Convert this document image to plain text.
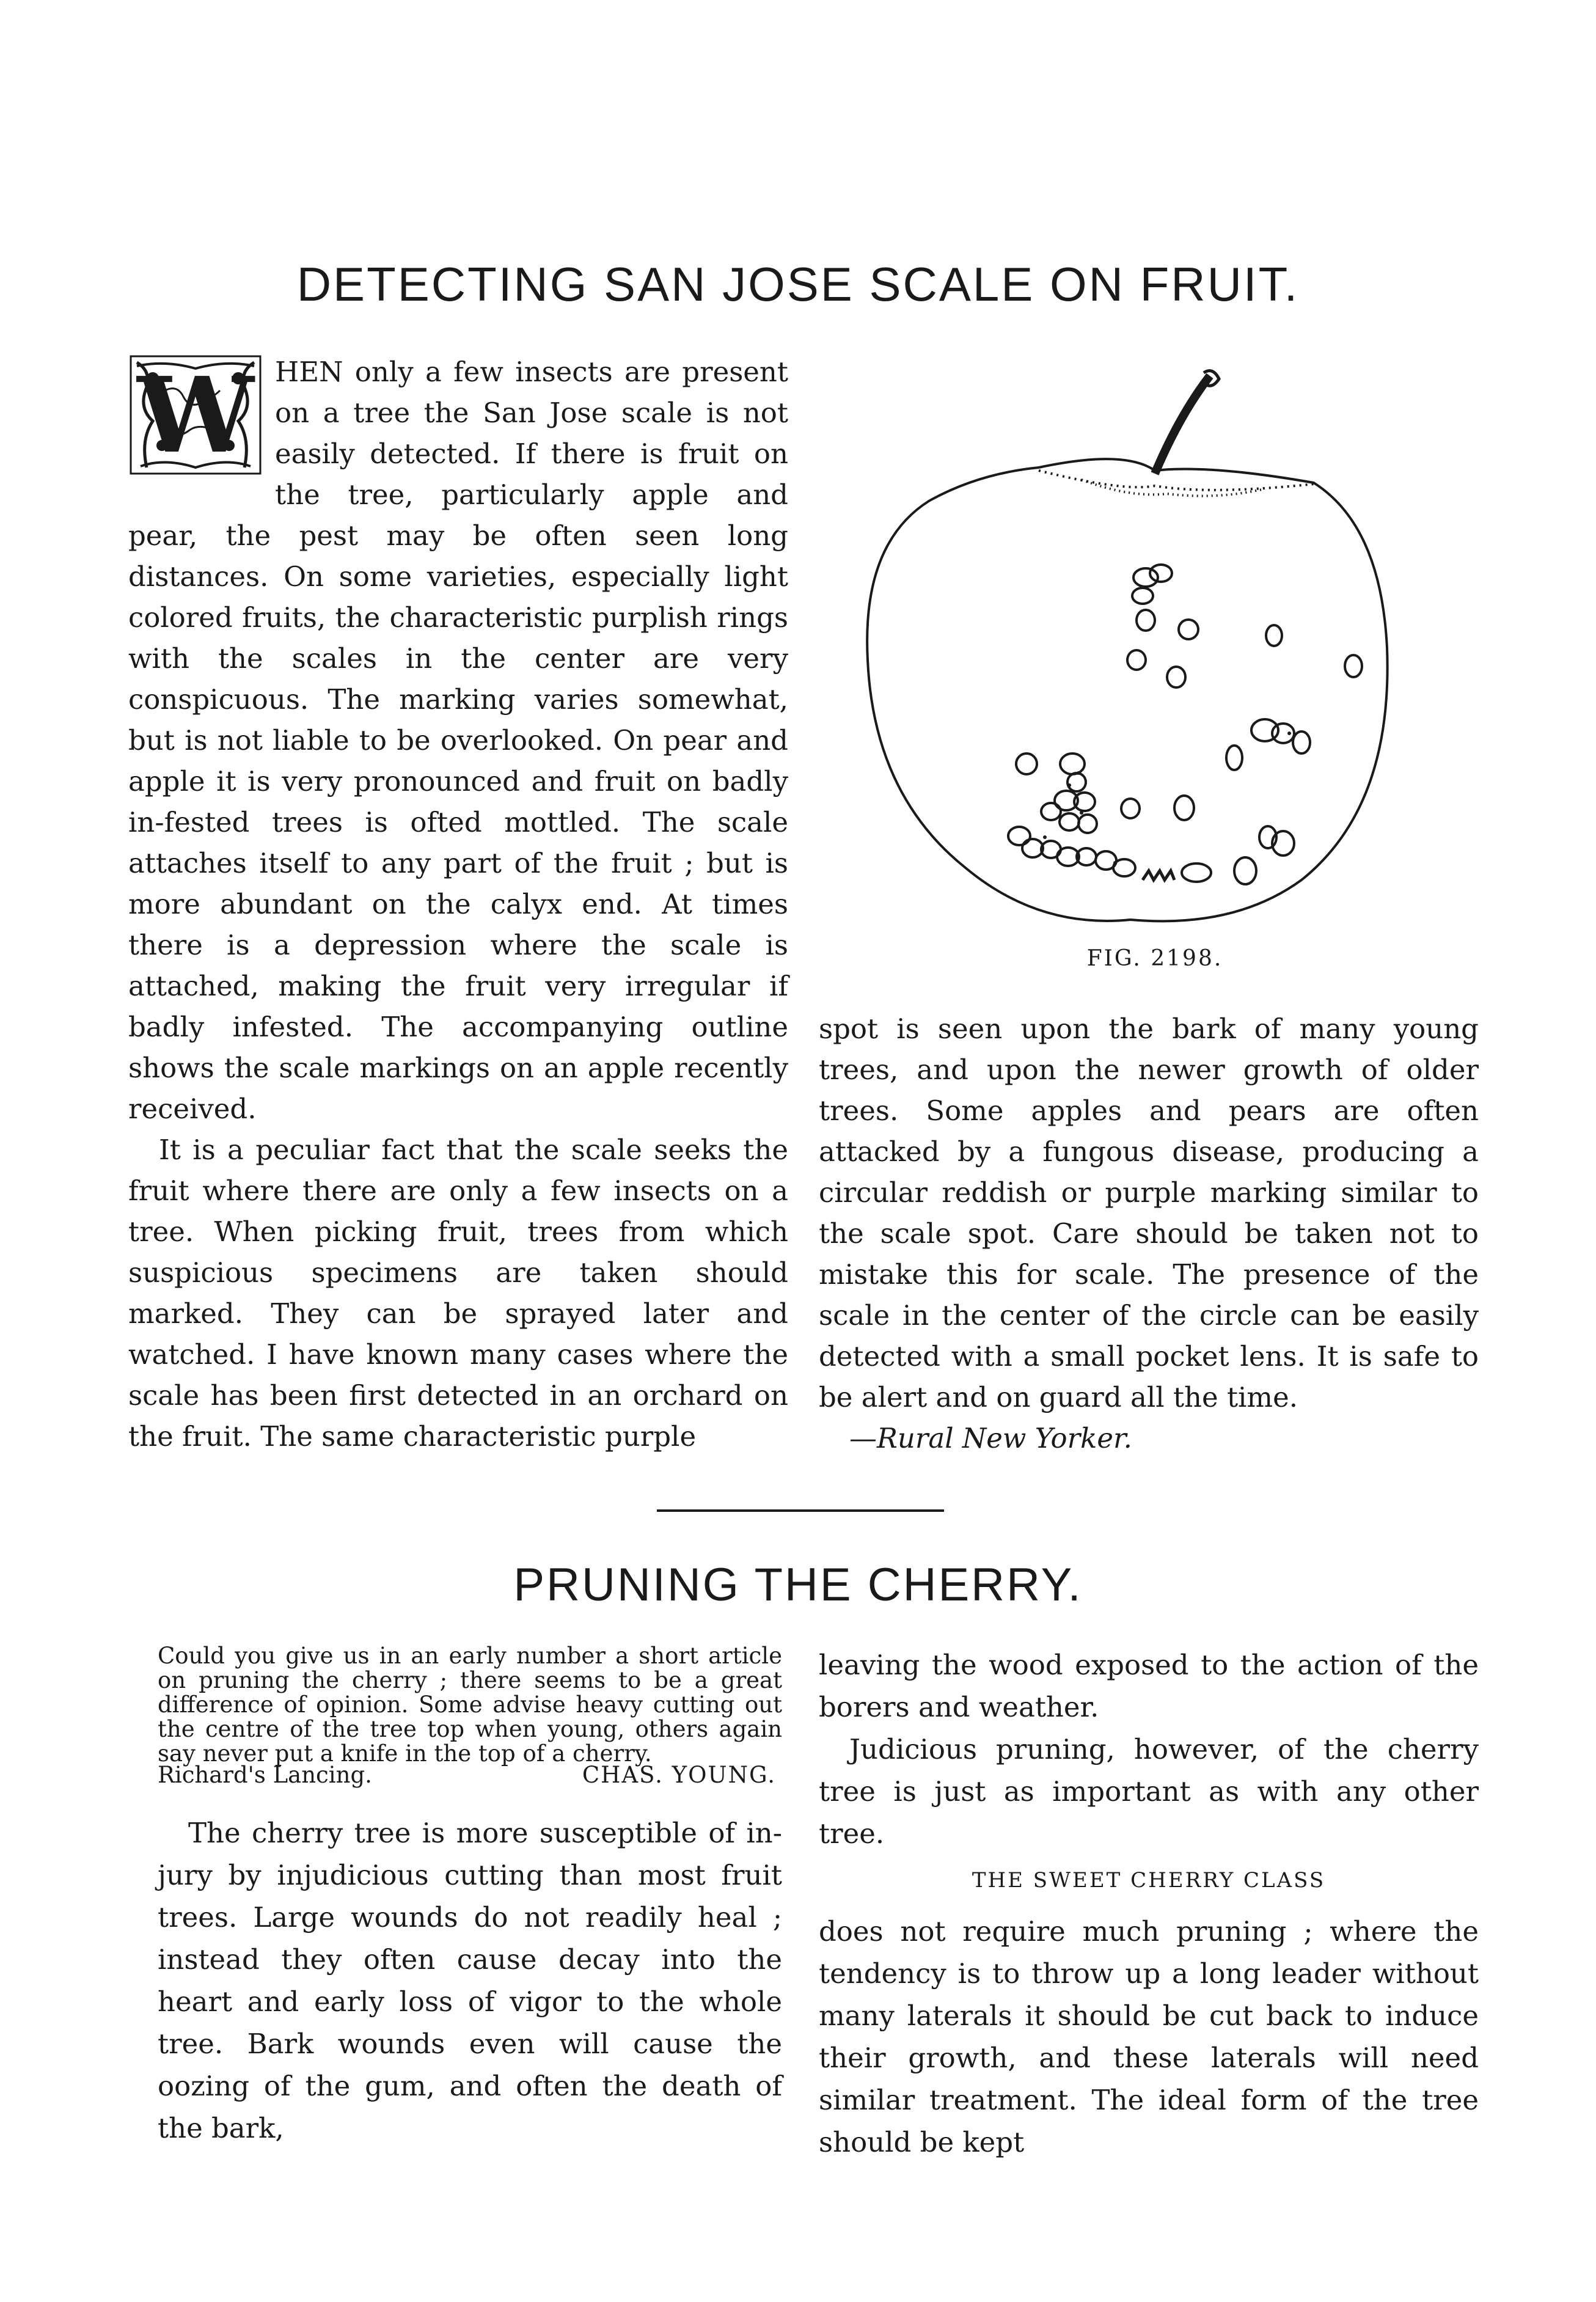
DETECTING SAN JOSE SCALE ON FRUIT.
W HEN only a few insects are present on a tree the San Jose scale is not easily detected. If there is fruit on the tree, particularly apple and pear, the pest may be often seen long distances. On some varieties, especially light colored fruits, the characteristic purplish rings with the scales in the center are very conspicuous. The marking varies somewhat, but is not liable to be overlooked. On pear and apple it is very pronounced and fruit on badly in-fested trees is ofted mottled. The scale attaches itself to any part of the fruit ; but is more abundant on the calyx end. At times there is a depression where the scale is attached, making the fruit very irregular if badly infested. The accompanying outline shows the scale markings on an apple recently received.

It is a peculiar fact that the scale seeks the fruit where there are only a few insects on a tree. When picking fruit, trees from which suspicious specimens are taken should marked. They can be sprayed later and watched. I have known many cases where the scale has been first detected in an orchard on the fruit. The same characteristic purple

FIG. 2198.

spot is seen upon the bark of many young trees, and upon the newer growth of older trees. Some apples and pears are often attacked by a fungous disease, producing a circular reddish or purple marking similar to the scale spot. Care should be taken not to mistake this for scale. The presence of the scale in the center of the circle can be easily detected with a small pocket lens. It is safe to be alert and on guard all the time.

—Rural New Yorker.

PRUNING THE CHERRY.

Could you give us in an early number a short article on pruning the cherry ; there seems to be a great difference of opinion. Some advise heavy cutting out the centre of the tree top when young, others again say never put a knife in the top of a cherry.

Richard's Lancing.	CHAS. YOUNG.

The cherry tree is more susceptible of in-jury by injudicious cutting than most fruit trees. Large wounds do not readily heal ; instead they often cause decay into the heart and early loss of vigor to the whole tree. Bark wounds even will cause the oozing of the gum, and often the death of the bark,

leaving the wood exposed to the action of the borers and weather.

Judicious pruning, however, of the cherry tree is just as important as with any other tree.

THE SWEET CHERRY CLASS

does not require much pruning ; where the tendency is to throw up a long leader without many laterals it should be cut back to induce their growth, and these laterals will need similar treatment. The ideal form of the tree should be kept
